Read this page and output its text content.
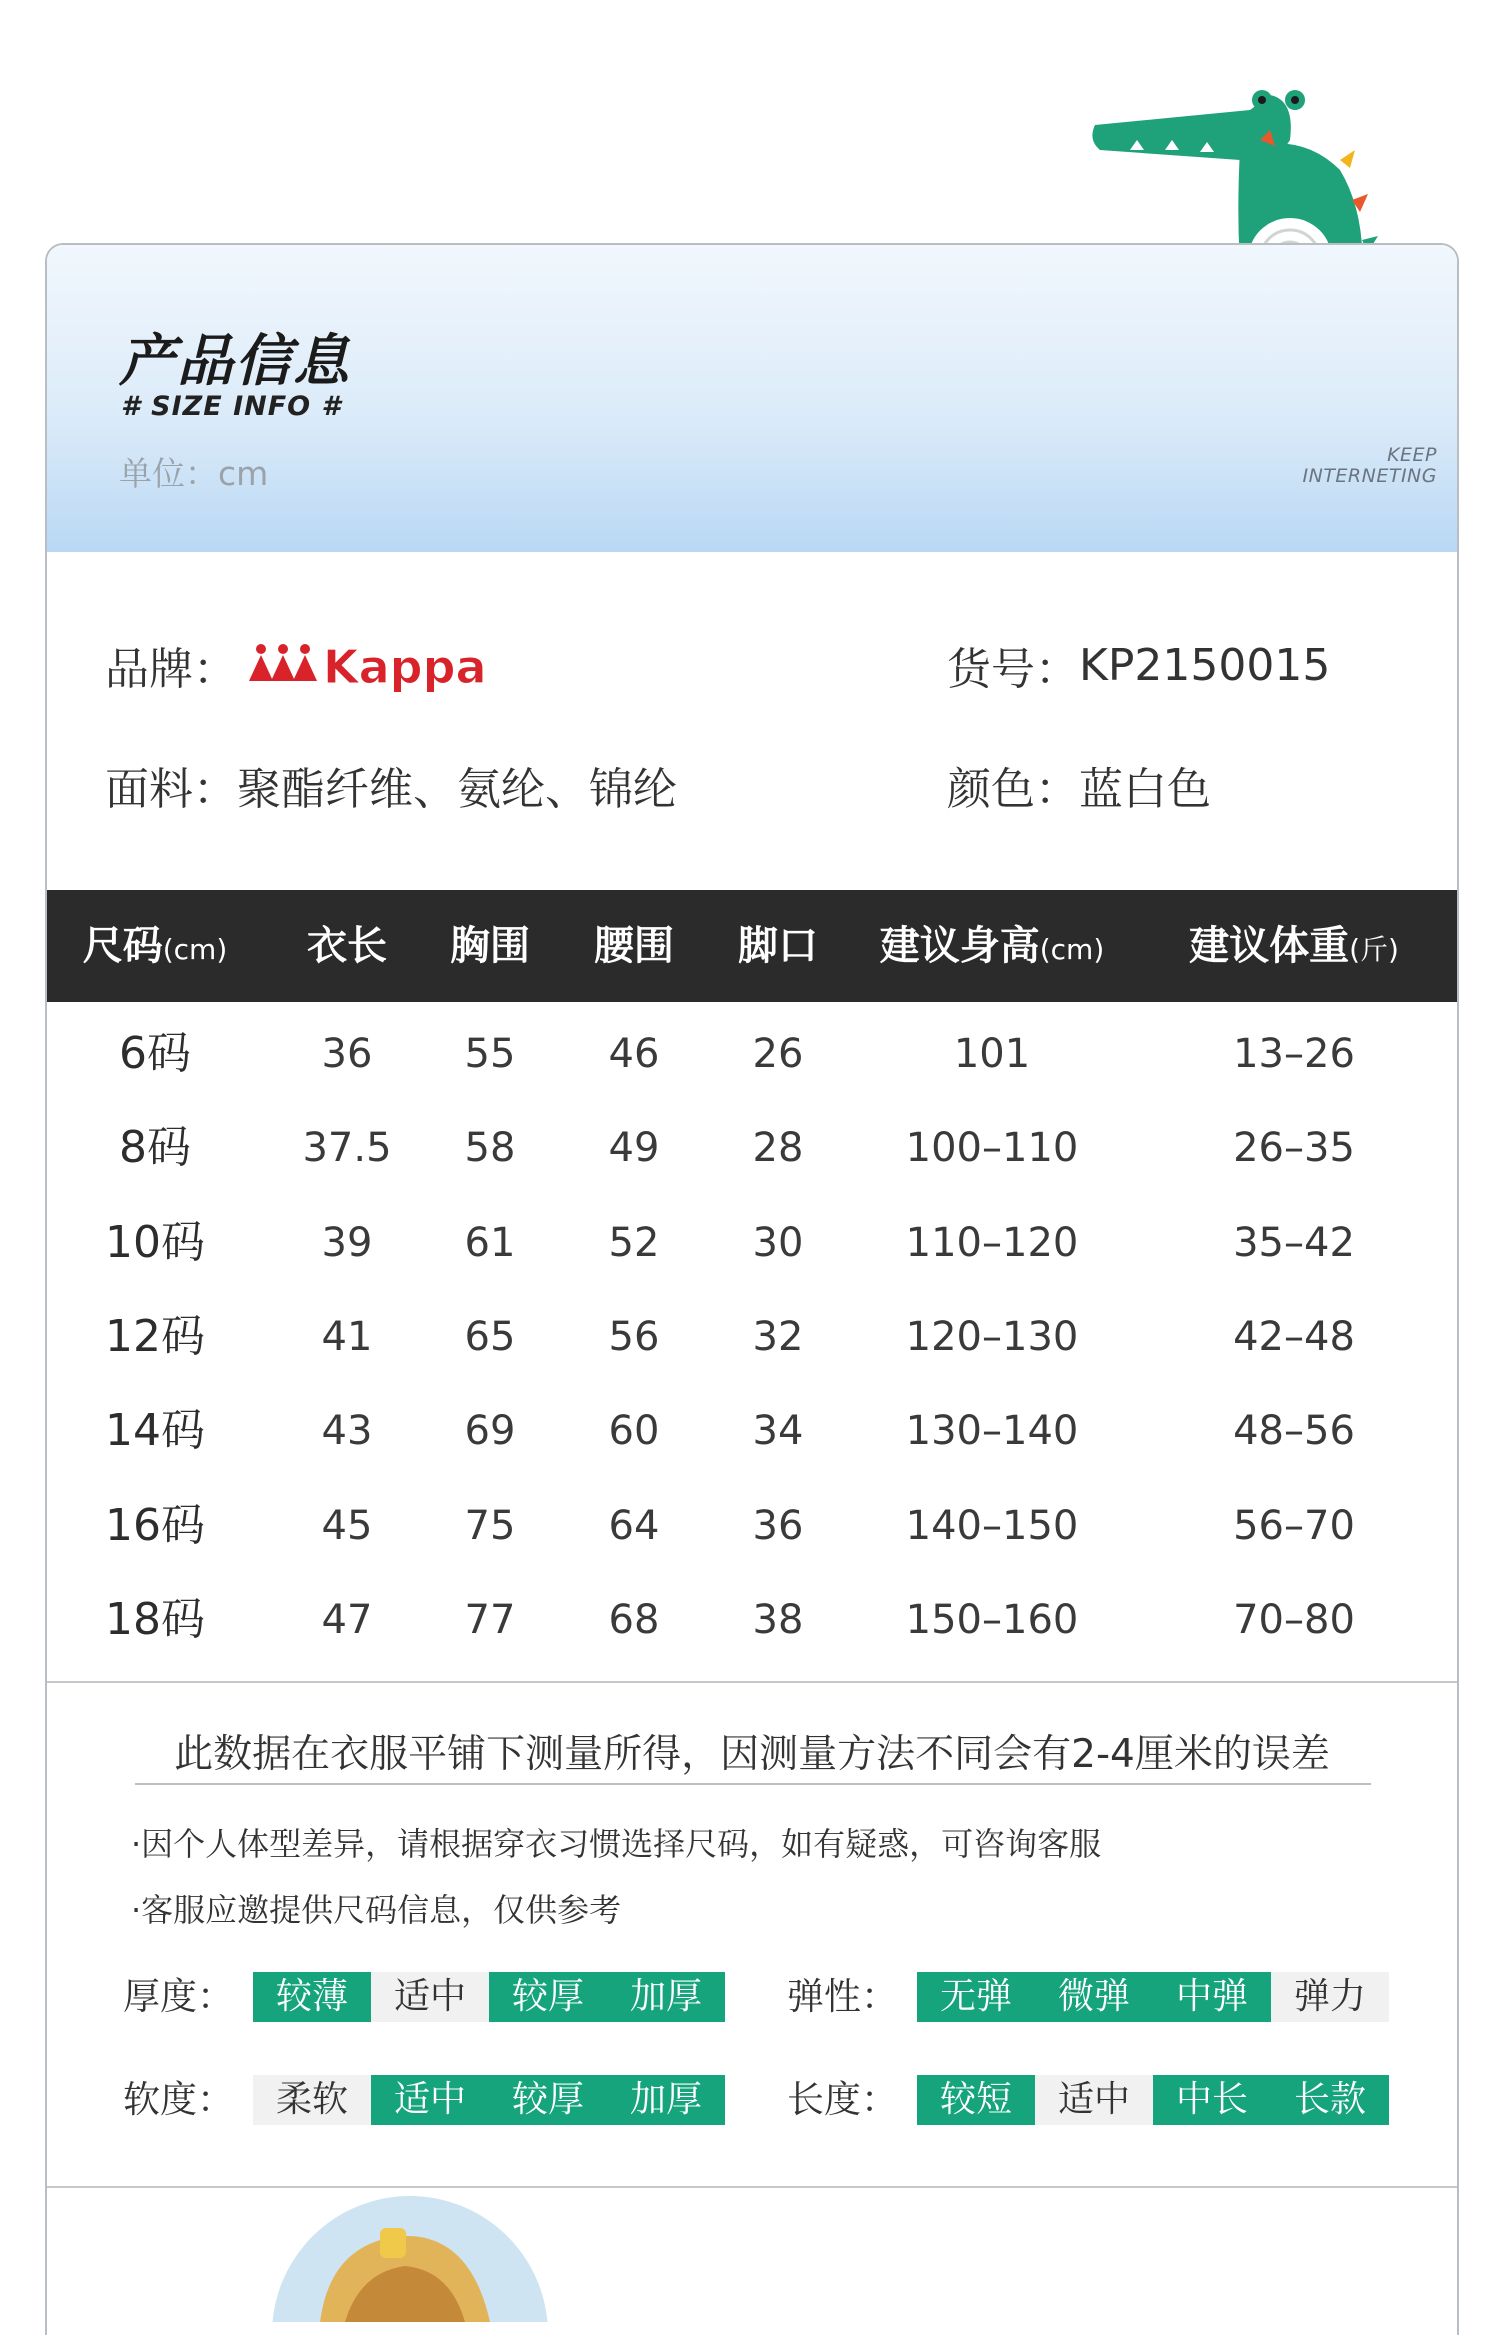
产品信息
# SIZE INFO #
单位：cm	KEEP
INTERNETING
品牌： Kappa	货号： KP2150015
面料： 聚酯纤维、氨纶、锦纶	颜色： 蓝白色
尺码(cm) 衣长 胸围 腰围 脚口 建议身高(cm) 建议体重(斤)
6码	36 55 46 26	101	13–26
8码	37.5 58 49 28	100–110	26–35
10码	39 61 52 30	110–120	35–42
12码	41 65 56 32	120–130	42–48
14码	43 69 60 34	130–140	48–56
16码	45 75 64 36	140–150	56–70
18码	47 77 68 38	150–160	70–80
此数据在衣服平铺下测量所得，因测量方法不同会有2-4厘米的误差
·因个人体型差异，请根据穿衣习惯选择尺码，如有疑惑，可咨询客服
·客服应邀提供尺码信息，仅供参考
厚度：	较薄	适中	较厚	加厚	弹性：	无弹	微弹	中弹	弹力
软度：	柔软	适中	较厚	加厚	长度：	较短	适中	中长	长款
